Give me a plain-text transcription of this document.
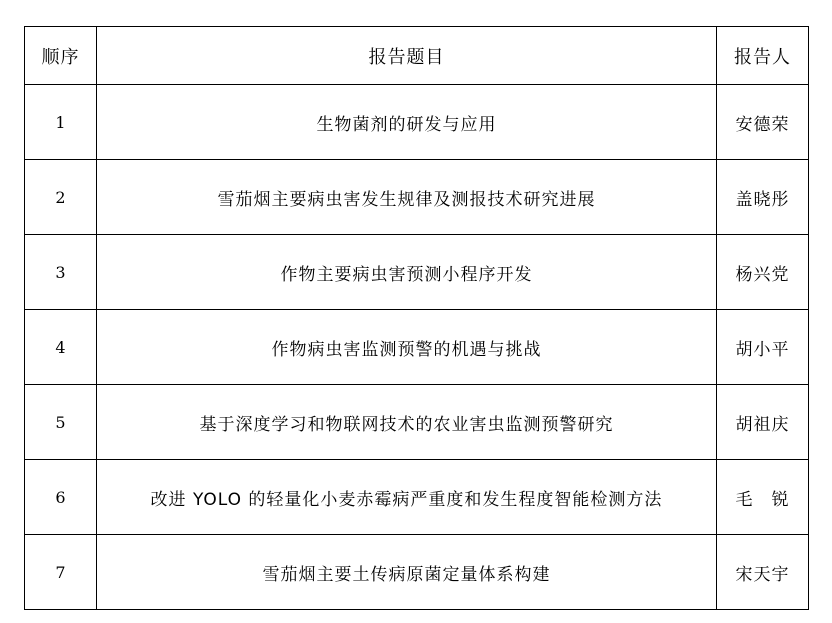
顺序	报告题目	报告人
1	生物菌剂的研发与应用	安德荣
2	雪茄烟主要病虫害发生规律及测报技术研究进展	盖晓彤
3	作物主要病虫害预测小程序开发	杨兴党
4	作物病虫害监测预警的机遇与挑战	胡小平
5	基于深度学习和物联网技术的农业害虫监测预警研究	胡祖庆
6	改进 YOLO 的轻量化小麦赤霉病严重度和发生程度智能检测方法	毛　锐
7	雪茄烟主要土传病原菌定量体系构建	宋天宇
